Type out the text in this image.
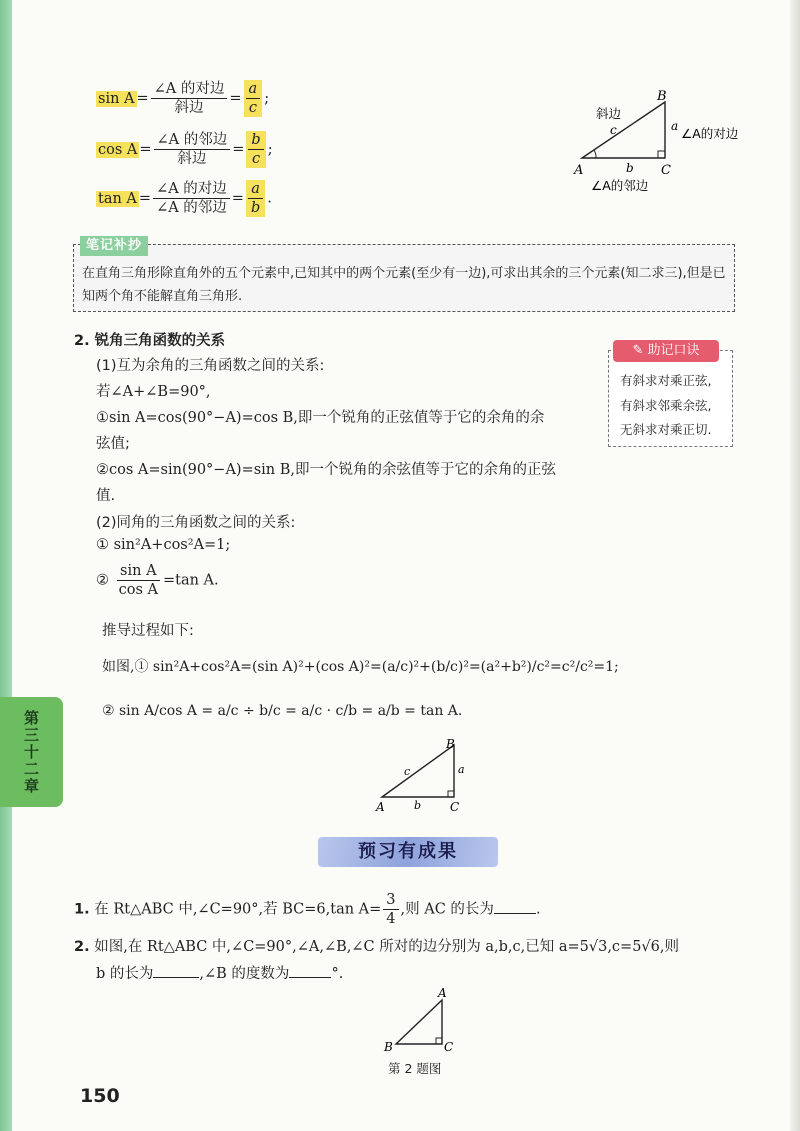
$\sin A = \frac{\text{∠A 的对边}}{\text{斜边}} = \frac{a}{c}$ ;
$\cos A = \frac{\text{∠A 的邻边}}{\text{斜边}} = \frac{b}{c}$ ;
$\tan A = \frac{\text{∠A 的对边}}{\text{∠A 的邻边}} = \frac{a}{b}$ .
A
B
C
a
b
c
斜边
∠A的对边
∠A的邻边
笔记补抄
在直角三角形除直角外的五个元素中,已知其中的两个元素(至少有一边),可求出其余的三个元素(知二求三),但是已知两个角不能解直角三角形.
2. 锐角三角函数的关系
(1)互为余角的三角函数之间的关系:
若∠A+∠B=90°,
①sin A=cos(90°−A)=cos B,即一个锐角的正弦值等于它的余角的余
弦值;
②cos A=sin(90°−A)=sin B,即一个锐角的余弦值等于它的余角的正弦
值.
(2)同角的三角函数之间的关系:
① sin²A+cos²A=1;
② $\frac{\text{sin A}}{\text{cos A}} =\tan$ A.
推导过程如下:
如图,① sin²A+cos²A=(sin A)²+(cos A)²=(a/c)²+(b/c)²=(a²+b²)/c²=c²/c²=1;
② sin A/cos A = a/c ÷ b/c = a/c · c/b = a/b = tan A.
✎ 助记口诀
有斜求对乘正弦,
有斜求邻乘余弦,
无斜求对乘正切.
第三十二章
A
B
C
a
b
c
预习有成果
1. 在 Rt△ABC 中,∠C=90°,若 BC=6,tan $A= \frac{3}{4}$ ,则 AC 的长为	.
2. 如图,在 Rt△ABC 中,∠C=90°,∠A,∠B,∠C 所对的边分别为 a,b,c,已知 a=5√3,c=5√6,则
b 的长为	,∠B 的度数为	°.
B
A
C
第 2 题图
150
